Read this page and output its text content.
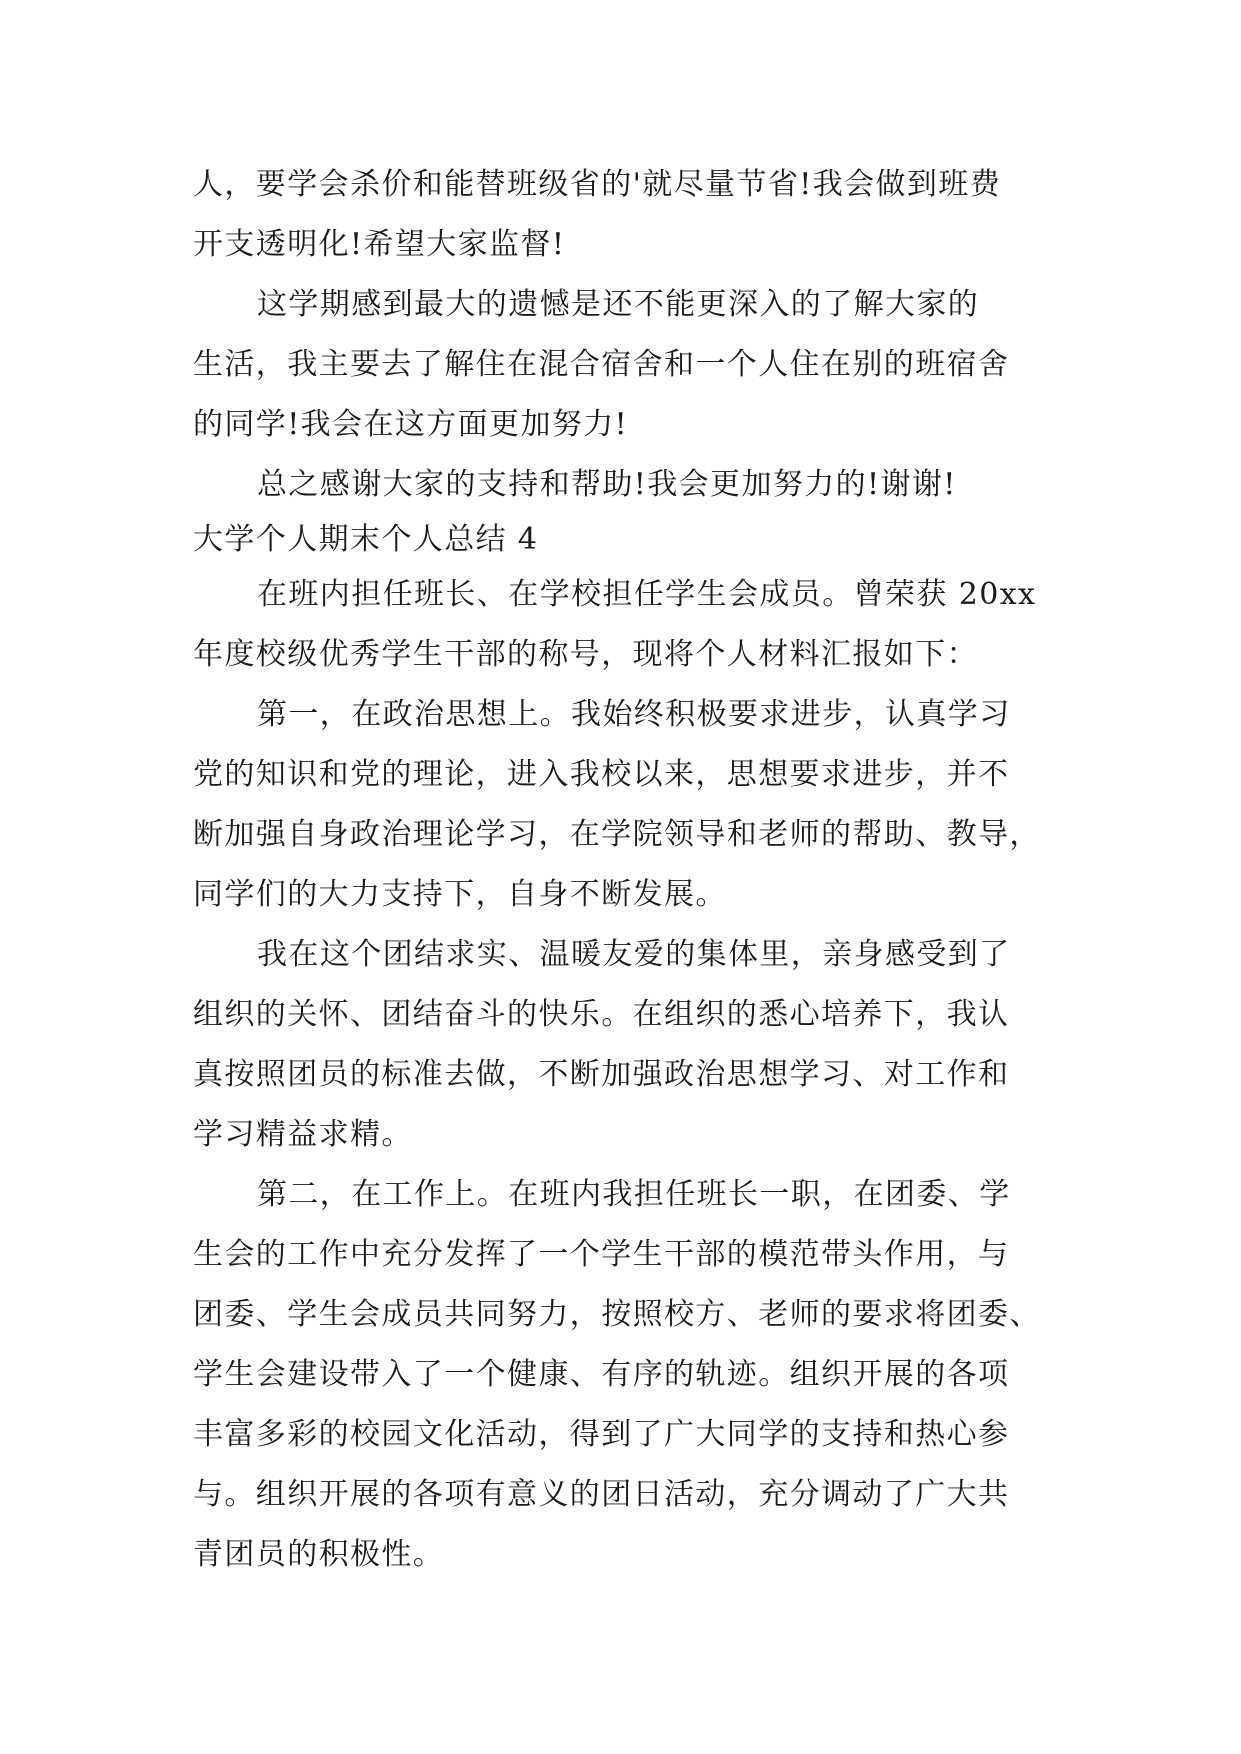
人，要学会杀价和能替班级省的'就尽量节省!我会做到班费
开支透明化!希望大家监督!
这学期感到最大的遗憾是还不能更深入的了解大家的
生活，我主要去了解住在混合宿舍和一个人住在别的班宿舍
的同学!我会在这方面更加努力!
总之感谢大家的支持和帮助!我会更加努力的!谢谢!
大学个人期末个人总结 4
在班内担任班长、在学校担任学生会成员。曾荣获 20xx
年度校级优秀学生干部的称号，现将个人材料汇报如下：
第一，在政治思想上。我始终积极要求进步，认真学习
党的知识和党的理论，进入我校以来，思想要求进步，并不
断加强自身政治理论学习，在学院领导和老师的帮助、教导，
同学们的大力支持下，自身不断发展。
我在这个团结求实、温暖友爱的集体里，亲身感受到了
组织的关怀、团结奋斗的快乐。在组织的悉心培养下，我认
真按照团员的标准去做，不断加强政治思想学习、对工作和
学习精益求精。
第二，在工作上。在班内我担任班长一职，在团委、学
生会的工作中充分发挥了一个学生干部的模范带头作用，与
团委、学生会成员共同努力，按照校方、老师的要求将团委、
学生会建设带入了一个健康、有序的轨迹。组织开展的各项
丰富多彩的校园文化活动，得到了广大同学的支持和热心参
与。组织开展的各项有意义的团日活动，充分调动了广大共
青团员的积极性。
